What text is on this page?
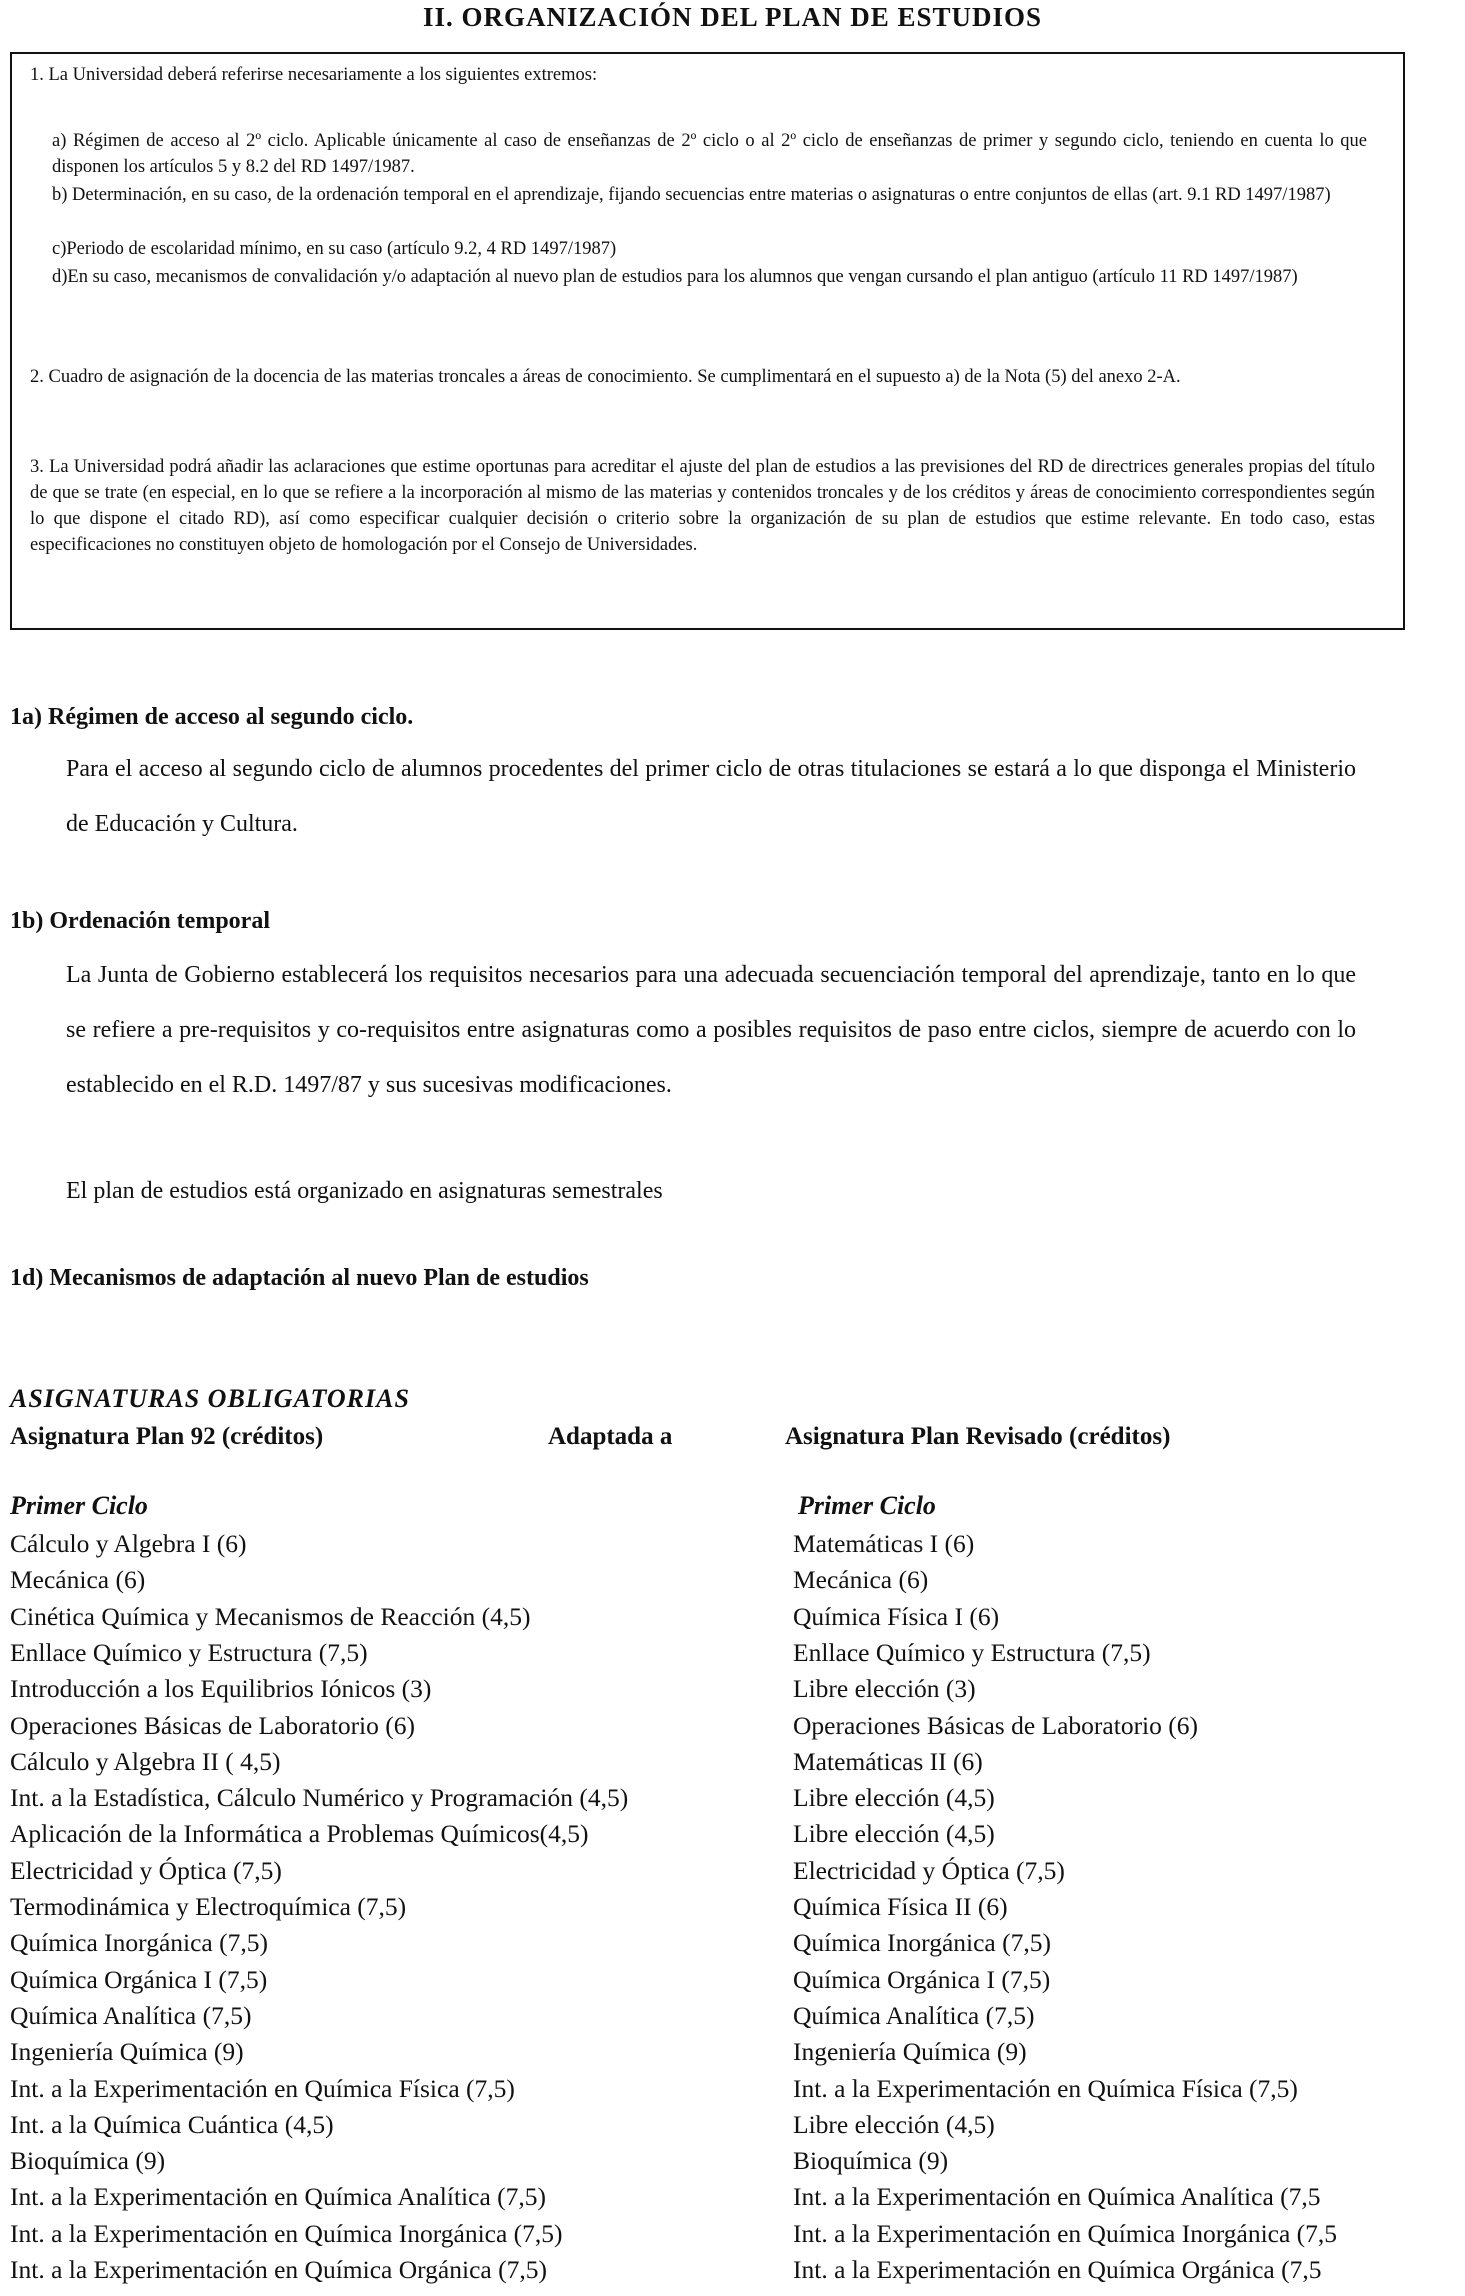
II. ORGANIZACIÓN DEL PLAN DE ESTUDIOS
1. La Universidad deberá referirse necesariamente a los siguientes extremos:
a) Régimen de acceso al 2º ciclo. Aplicable únicamente al caso de enseñanzas de 2º ciclo o al 2º ciclo de enseñanzas de primer y segundo ciclo, teniendo en cuenta lo que disponen los artículos 5 y 8.2 del RD 1497/1987.
b) Determinación, en su caso, de la ordenación temporal en el aprendizaje, fijando secuencias entre materias o asignaturas o entre conjuntos de ellas (art. 9.1 RD 1497/1987)
c)Periodo de escolaridad mínimo, en su caso (artículo 9.2, 4 RD 1497/1987)
d)En su caso, mecanismos de convalidación y/o adaptación al nuevo plan de estudios para los alumnos que vengan cursando el plan antiguo (artículo 11 RD 1497/1987)
2. Cuadro de asignación de la docencia de las materias troncales a áreas de conocimiento. Se cumplimentará en el supuesto a) de la Nota (5) del anexo 2-A.
3. La Universidad podrá añadir las aclaraciones que estime oportunas para acreditar el ajuste del plan de estudios a las previsiones del RD de directrices generales propias del título de que se trate (en especial, en lo que se refiere a la incorporación al mismo de las materias y contenidos troncales y de los créditos y áreas de conocimiento correspondientes según lo que dispone el citado RD), así como especificar cualquier decisión o criterio sobre la organización de su plan de estudios que estime relevante. En todo caso, estas especificaciones no constituyen objeto de homologación por el Consejo de Universidades.
1a) Régimen de acceso al segundo ciclo.
Para el acceso al segundo ciclo de alumnos procedentes del primer ciclo de otras titulaciones se estará a lo que disponga el Ministerio de Educación y Cultura.
1b) Ordenación temporal
La Junta de Gobierno establecerá los requisitos necesarios para una adecuada secuenciación temporal del aprendizaje, tanto en lo que se refiere a pre-requisitos y co-requisitos entre asignaturas como a posibles requisitos de paso entre ciclos, siempre de acuerdo con lo establecido en el R.D. 1497/87 y sus sucesivas modificaciones.
El plan de estudios está organizado en asignaturas semestrales
1d) Mecanismos de adaptación al nuevo Plan de estudios
ASIGNATURAS OBLIGATORIAS
Asignatura Plan 92 (créditos)	Adaptada a	Asignatura Plan Revisado (créditos)
Primer Ciclo	Primer Ciclo
Cálculo y Algebra I (6)	Matemáticas I (6)
Mecánica (6)	Mecánica (6)
Cinética Química y Mecanismos de Reacción (4,5)	Química Física I (6)
Enllace Químico y Estructura (7,5)	Enllace Químico y Estructura (7,5)
Introducción a los Equilibrios Iónicos (3)	Libre elección (3)
Operaciones Básicas de Laboratorio (6)	Operaciones Básicas de Laboratorio (6)
Cálculo y Algebra II ( 4,5)	Matemáticas II (6)
Int. a la Estadística, Cálculo Numérico y Programación (4,5)	Libre elección (4,5)
Aplicación de la Informática a Problemas Químicos(4,5)	Libre elección (4,5)
Electricidad y Óptica (7,5)	Electricidad y Óptica (7,5)
Termodinámica y Electroquímica (7,5)	Química Física II (6)
Química Inorgánica (7,5)	Química Inorgánica (7,5)
Química Orgánica I (7,5)	Química Orgánica I (7,5)
Química Analítica (7,5)	Química Analítica (7,5)
Ingeniería Química (9)	Ingeniería Química (9)
Int. a la Experimentación en Química Física (7,5)	Int. a la Experimentación en Química Física (7,5)
Int. a la Química Cuántica (4,5)	Libre elección (4,5)
Bioquímica (9)	Bioquímica (9)
Int. a la Experimentación en Química Analítica (7,5)	Int. a la Experimentación en Química Analítica (7,5
Int. a la Experimentación en Química Inorgánica (7,5)	Int. a la Experimentación en Química Inorgánica (7,5
Int. a la Experimentación en Química Orgánica (7,5)	Int. a la Experimentación en Química Orgánica (7,5
